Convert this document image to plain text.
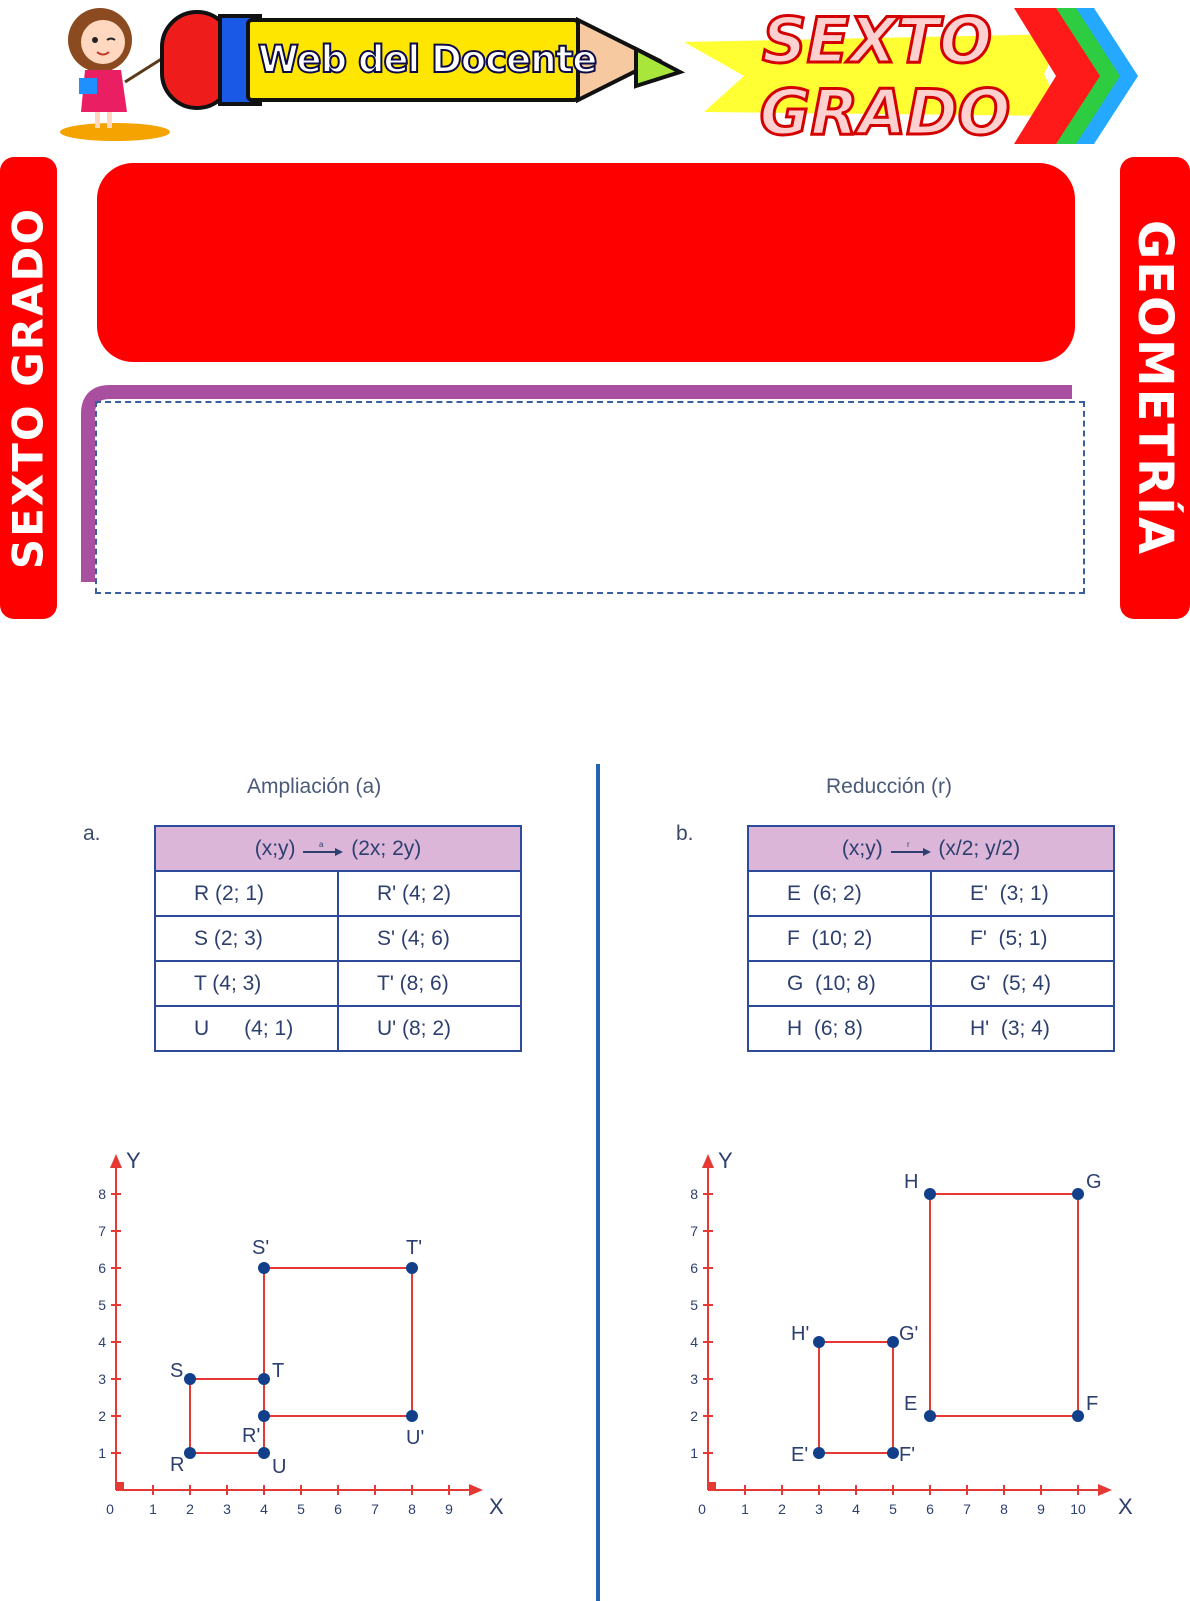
Web del Docente	SEXTO
GRADO
SEXTO GRADO	GEOMETRÍA
Ampliación (a)
a.
(x;y) a (2x; 2y)	
R (2; 1)	R' (4; 2)
S (2; 3)	S' (4; 6)
T (4; 3)	T' (8; 6)
U      (4; 1)	U' (8; 2)
Reducción (r)
b.
(x;y) r (x/2; y/2)	
E  (6; 2)	E'  (3; 1)
F  (10; 2)	F'  (5; 1)
G  (10; 8)	G'  (5; 4)
H  (6; 8)	H'  (3; 4)
X
Y
0	1 2 3 4 5 6 7 8 9
1
2
3
4
5
6
7
8
R
S	T
U
R'
S'	T'
U'
X
Y
0	1 2 3 4 5 6 7 8 9 10
1
2
3
4
5
6
7
8
E	F
G
H
E'	F'
G'
H'
